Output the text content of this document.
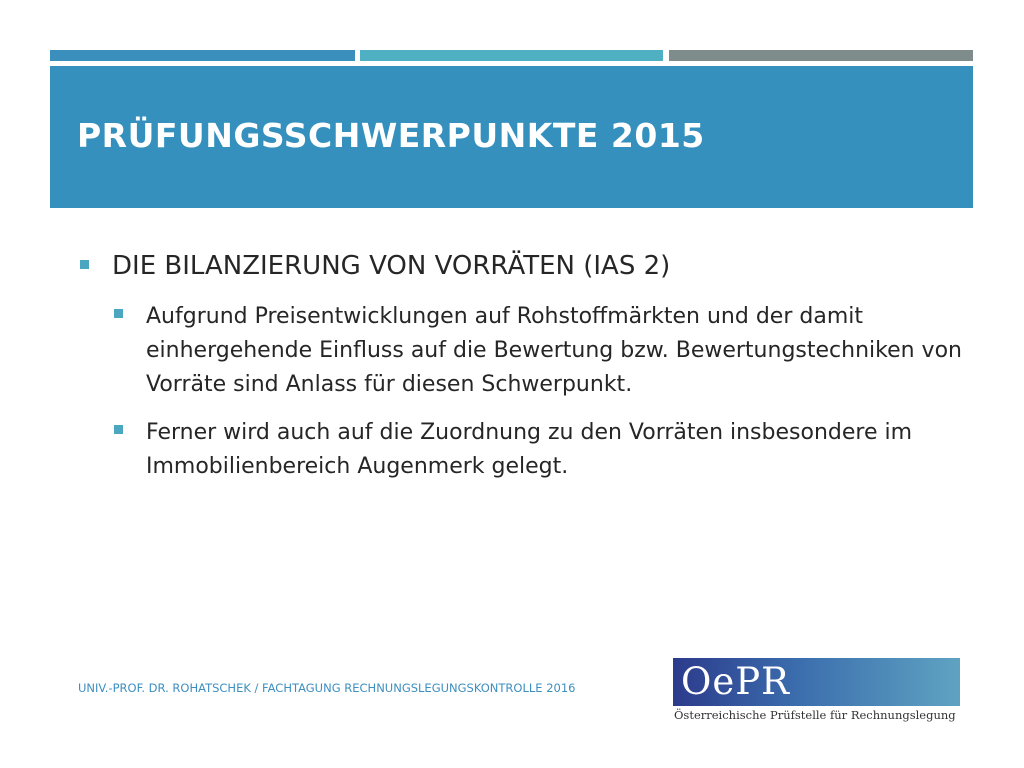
PRÜFUNGSSCHWERPUNKTE 2015
DIE BILANZIERUNG VON VORRÄTEN (IAS 2)
Aufgrund Preisentwicklungen auf Rohstoffmärkten und der damit einhergehende Einfluss auf die Bewertung bzw. Bewertungstechniken von Vorräte sind Anlass für diesen Schwerpunkt.
Ferner wird auch auf die Zuordnung zu den Vorräten insbesondere im Immobilienbereich Augenmerk gelegt.
UNIV.-PROF. DR. ROHATSCHEK / FACHTAGUNG RECHNUNGSLEGUNGSKONTROLLE 2016	OePR
Österreichische Prüfstelle für Rechnungslegung
